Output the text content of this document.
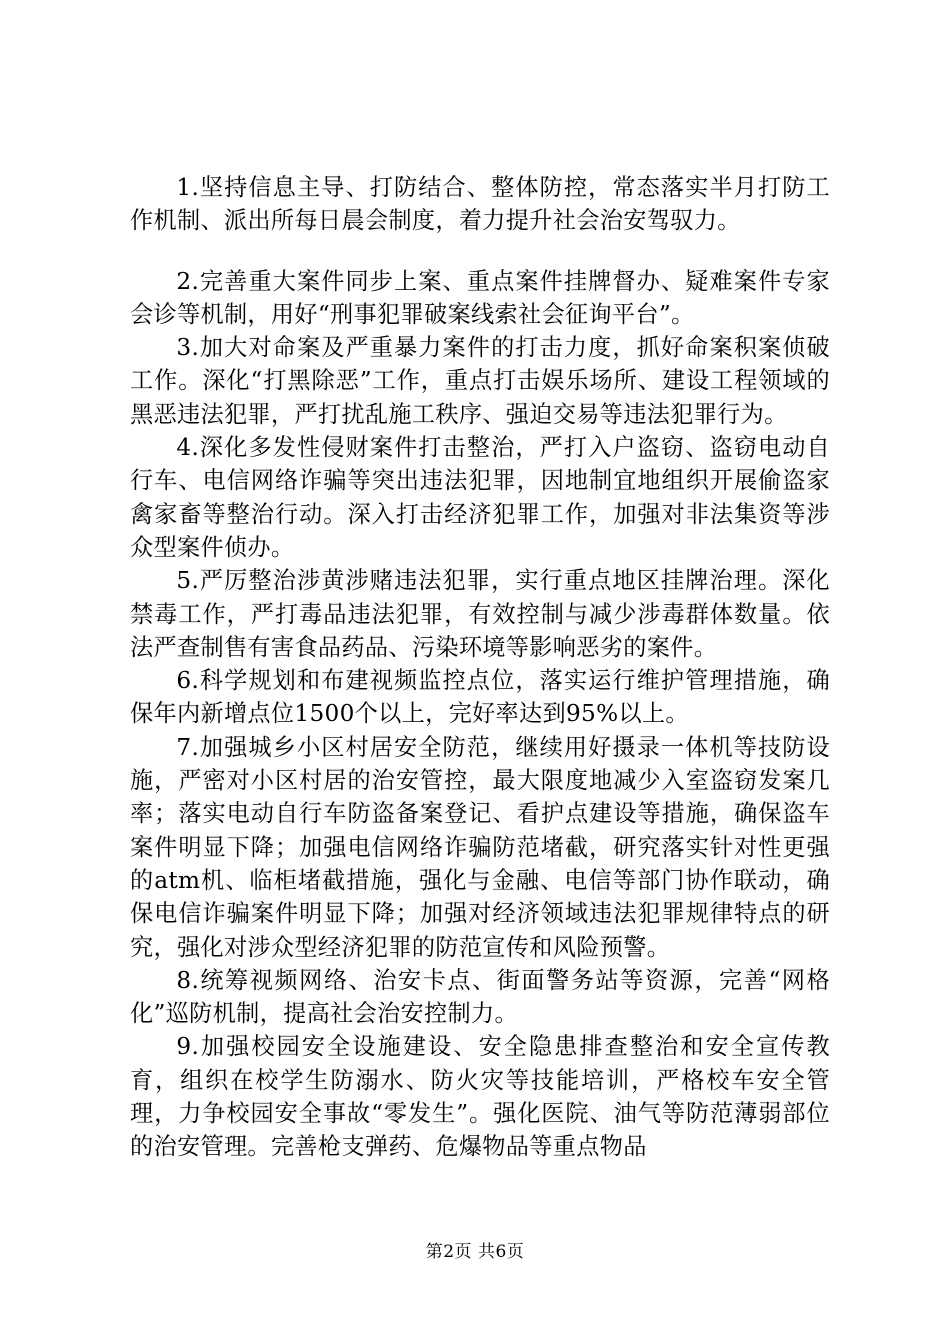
1.坚持信息主导、打防结合、整体防控，常态落实半月打防工作机制、派出所每日晨会制度，着力提升社会治安驾驭力。

2.完善重大案件同步上案、重点案件挂牌督办、疑难案件专家会诊等机制，用好“刑事犯罪破案线索社会征询平台”。

3.加大对命案及严重暴力案件的打击力度，抓好命案积案侦破工作。深化“打黑除恶”工作，重点打击娱乐场所、建设工程领域的黑恶违法犯罪，严打扰乱施工秩序、强迫交易等违法犯罪行为。

4.深化多发性侵财案件打击整治，严打入户盗窃、盗窃电动自行车、电信网络诈骗等突出违法犯罪，因地制宜地组织开展偷盗家禽家畜等整治行动。深入打击经济犯罪工作，加强对非法集资等涉众型案件侦办。

5.严厉整治涉黄涉赌违法犯罪，实行重点地区挂牌治理。深化禁毒工作，严打毒品违法犯罪，有效控制与减少涉毒群体数量。依法严查制售有害食品药品、污染环境等影响恶劣的案件。

6.科学规划和布建视频监控点位，落实运行维护管理措施，确保年内新增点位1500个以上，完好率达到95%以上。

7.加强城乡小区村居安全防范，继续用好摄录一体机等技防设施，严密对小区村居的治安管控，最大限度地减少入室盗窃发案几率；落实电动自行车防盗备案登记、看护点建设等措施，确保盗车案件明显下降；加强电信网络诈骗防范堵截，研究落实针对性更强的atm机、临柜堵截措施，强化与金融、电信等部门协作联动，确保电信诈骗案件明显下降；加强对经济领域违法犯罪规律特点的研究，强化对涉众型经济犯罪的防范宣传和风险预警。

8.统筹视频网络、治安卡点、街面警务站等资源，完善“网格化”巡防机制，提高社会治安控制力。

9.加强校园安全设施建设、安全隐患排查整治和安全宣传教育，组织在校学生防溺水、防火灾等技能培训，严格校车安全管理，力争校园安全事故“零发生”。强化医院、油气等防范薄弱部位的治安管理。完善枪支弹药、危爆物品等重点物品

第2页 共6页
